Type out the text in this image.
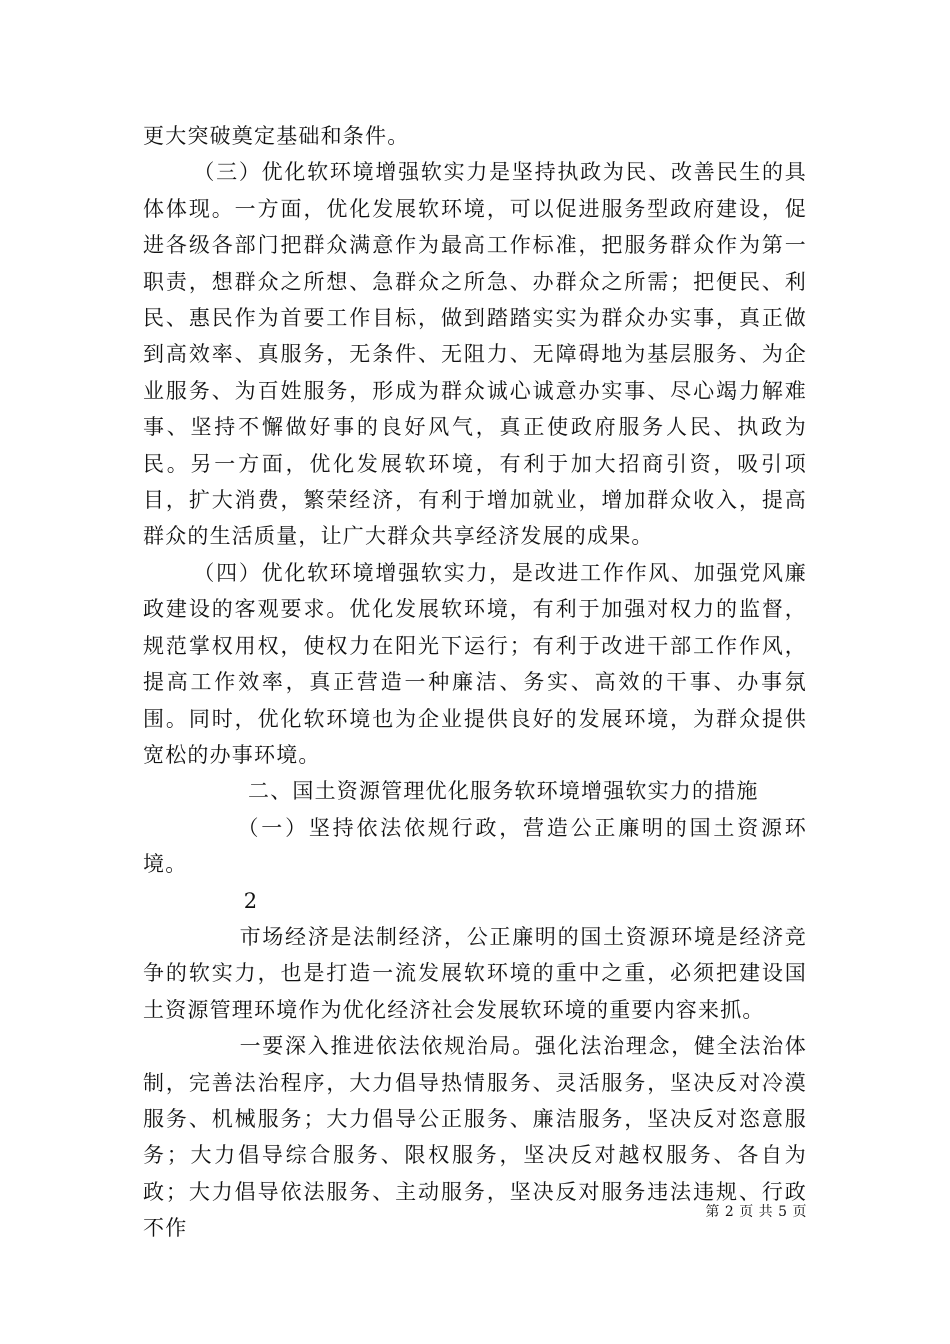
更大突破奠定基础和条件。

（三）优化软环境增强软实力是坚持执政为民、改善民生的具体体现。一方面，优化发展软环境，可以促进服务型政府建设，促进各级各部门把群众满意作为最高工作标准，把服务群众作为第一职责，想群众之所想、急群众之所急、办群众之所需；把便民、利民、惠民作为首要工作目标，做到踏踏实实为群众办实事，真正做到高效率、真服务，无条件、无阻力、无障碍地为基层服务、为企业服务、为百姓服务，形成为群众诚心诚意办实事、尽心竭力解难事、坚持不懈做好事的良好风气，真正使政府服务人民、执政为民。另一方面，优化发展软环境，有利于加大招商引资，吸引项目，扩大消费，繁荣经济，有利于增加就业，增加群众收入，提高群众的生活质量，让广大群众共享经济发展的成果。

（四）优化软环境增强软实力，是改进工作作风、加强党风廉政建设的客观要求。优化发展软环境，有利于加强对权力的监督，规范掌权用权，使权力在阳光下运行；有利于改进干部工作作风，提高工作效率，真正营造一种廉洁、务实、高效的干事、办事氛围。同时，优化软环境也为企业提供良好的发展环境，为群众提供宽松的办事环境。

二、国土资源管理优化服务软环境增强软实力的措施

（一）坚持依法依规行政，营造公正廉明的国土资源环境。

2

市场经济是法制经济，公正廉明的国土资源环境是经济竞争的软实力，也是打造一流发展软环境的重中之重，必须把建设国土资源管理环境作为优化经济社会发展软环境的重要内容来抓。

一要深入推进依法依规治局。强化法治理念，健全法治体制，完善法治程序，大力倡导热情服务、灵活服务，坚决反对冷漠服务、机械服务；大力倡导公正服务、廉洁服务，坚决反对恣意服务；大力倡导综合服务、限权服务，坚决反对越权服务、各自为政；大力倡导依法服务、主动服务，坚决反对服务违法违规、行政不作

第 2 页 共 5 页
